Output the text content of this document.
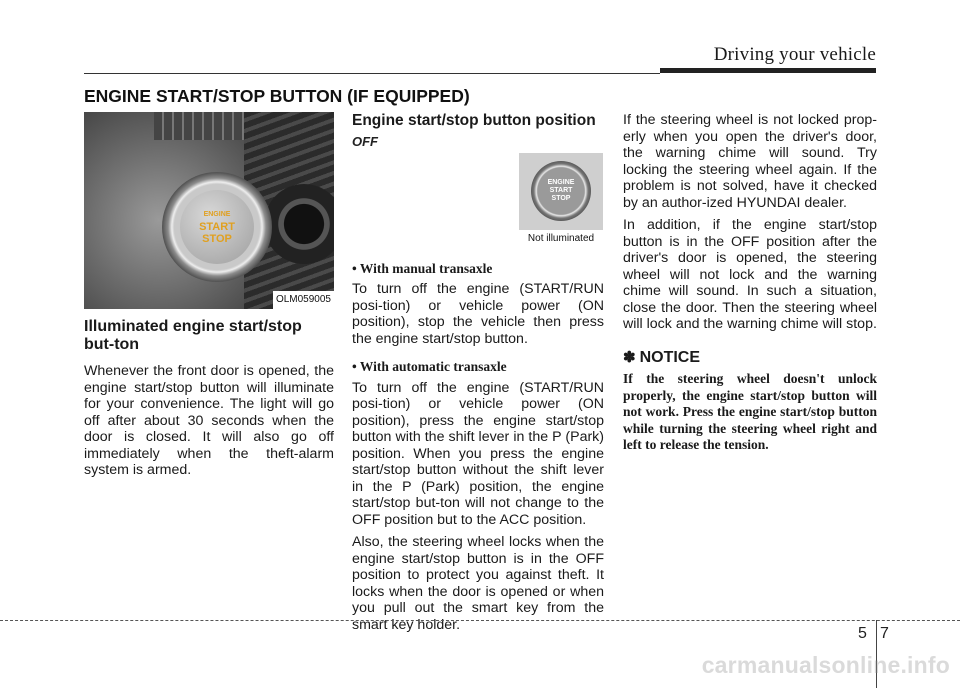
Driving your vehicle
ENGINE START/STOP BUTTON (IF EQUIPPED)
ENGINE
START
STOP
OLM059005
Illuminated engine start/stop but-ton

Whenever the front door is opened, the engine start/stop button will illuminate for your convenience. The light will go off after about 30 seconds when the door is closed. It will also go off immediately when the theft-alarm system is armed.

Engine start/stop button position
OFF
ENGINE
START
STOP
Not illuminated
• With manual transaxle

To turn off the engine (START/RUN posi-tion) or vehicle power (ON position), stop the vehicle then press the engine start/stop button.

• With automatic transaxle

To turn off the engine (START/RUN posi-tion) or vehicle power (ON position), press the engine start/stop button with the shift lever in the P (Park) position. When you press the engine start/stop button without the shift lever in the P (Park) position, the engine start/stop but-ton will not change to the OFF position but to the ACC position.

Also, the steering wheel locks when the engine start/stop button is in the OFF position to protect you against theft. It locks when the door is opened or when you pull out the smart key from the smart key holder.

If the steering wheel is not locked prop-erly when you open the driver's door, the warning chime will sound. Try locking the steering wheel again. If the problem is not solved, have it checked by an author-ized HYUNDAI dealer.

In addition, if the engine start/stop button is in the OFF position after the driver's door is opened, the steering wheel will not lock and the warning chime will sound. In such a situation, close the door. Then the steering wheel will lock and the warning chime will stop.

✽ NOTICE
If the steering wheel doesn't unlock properly, the engine start/stop button will not work. Press the engine start/stop button while turning the steering wheel right and left to release the tension.
5 7
carmanualsonline.info
